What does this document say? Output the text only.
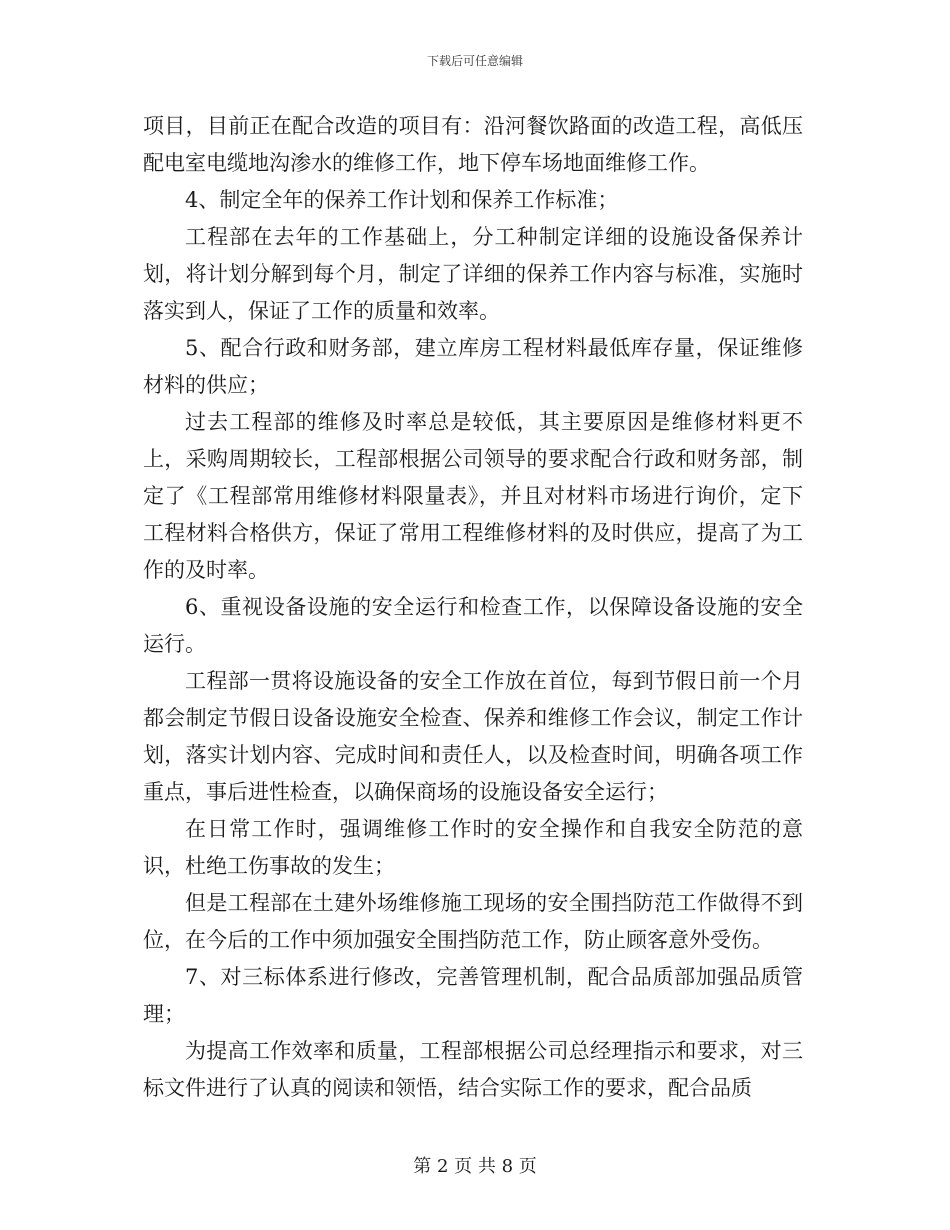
下载后可任意编辑

项目，目前正在配合改造的项目有：沿河餐饮路面的改造工程，高低压配电室电缆地沟渗水的维修工作，地下停车场地面维修工作。

4、制定全年的保养工作计划和保养工作标准；

工程部在去年的工作基础上，分工种制定详细的设施设备保养计划，将计划分解到每个月，制定了详细的保养工作内容与标准，实施时落实到人，保证了工作的质量和效率。

5、配合行政和财务部，建立库房工程材料最低库存量，保证维修材料的供应；

过去工程部的维修及时率总是较低，其主要原因是维修材料更不上，采购周期较长，工程部根据公司领导的要求配合行政和财务部，制定了《工程部常用维修材料限量表》，并且对材料市场进行询价，定下工程材料合格供方，保证了常用工程维修材料的及时供应，提高了为工作的及时率。

6、重视设备设施的安全运行和检查工作，以保障设备设施的安全运行。

工程部一贯将设施设备的安全工作放在首位，每到节假日前一个月都会制定节假日设备设施安全检查、保养和维修工作会议，制定工作计划，落实计划内容、完成时间和责任人，以及检查时间，明确各项工作重点，事后进性检查，以确保商场的设施设备安全运行；

在日常工作时，强调维修工作时的安全操作和自我安全防范的意识，杜绝工伤事故的发生；

但是工程部在土建外场维修施工现场的安全围挡防范工作做得不到位，在今后的工作中须加强安全围挡防范工作，防止顾客意外受伤。

7、对三标体系进行修改，完善管理机制，配合品质部加强品质管理；

为提高工作效率和质量，工程部根据公司总经理指示和要求，对三标文件进行了认真的阅读和领悟，结合实际工作的要求，配合品质

第 2 页 共 8 页
